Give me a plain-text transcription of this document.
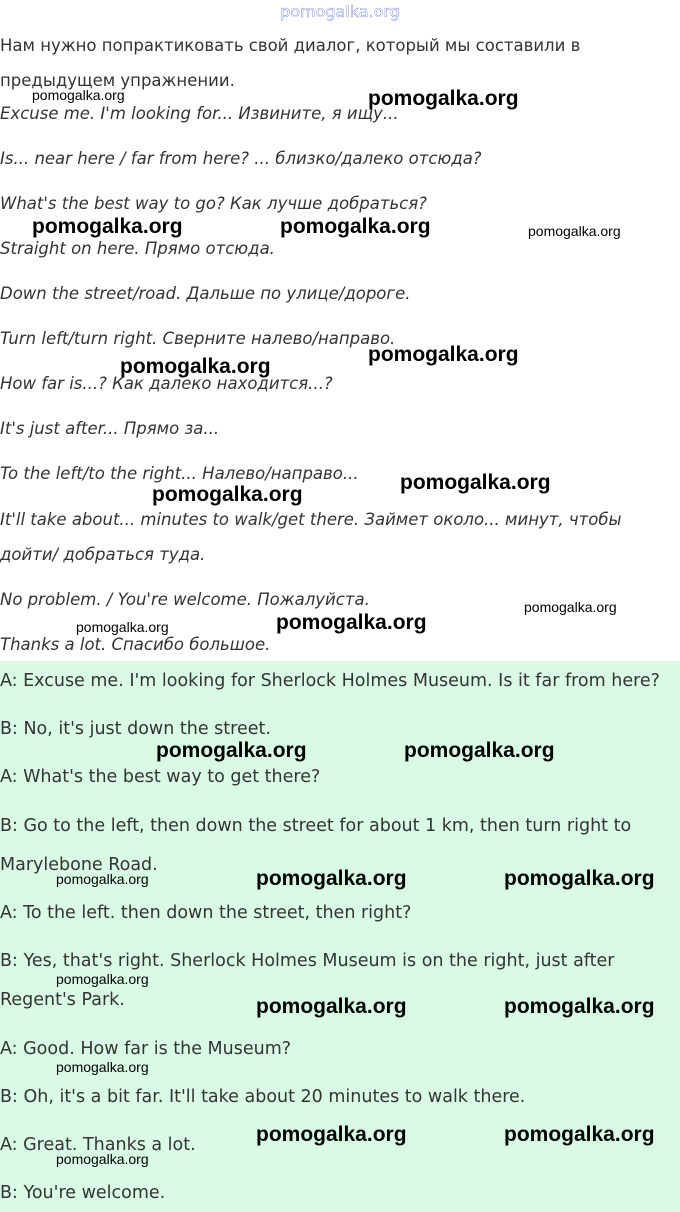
pomogalka.org
Нам нужно попрактиковать свой диалог, который мы составили в предыдущем упражнении.
Excuse me. I'm looking for... Извините, я ищу...
Is... near here / far from here? ... близко/далеко отсюда?
What's the best way to go? Как лучше добраться?
Straight on here. Прямо отсюда.
Down the street/road. Дальше по улице/дороге.
Turn left/turn right. Сверните налево/направо.
How far is...? Как далеко находится...?
It's just after... Прямо за...
To the left/to the right... Налево/направо...
It'll take about... minutes to walk/get there. Займет около... минут, чтобы дойти/ добраться туда.
No problem. / You're welcome. Пожалуйста.
Thanks a lot. Спасибо большое.
A: Excuse me. I'm looking for Sherlock Holmes Museum. Is it far from here?
B: No, it's just down the street.
A: What's the best way to get there?
B: Go to the left, then down the street for about 1 km, then turn right to Marylebone Road.
A: To the left. then down the street, then right?
B: Yes, that's right. Sherlock Holmes Museum is on the right, just after Regent's Park.
A: Good. How far is the Museum?
B: Oh, it's a bit far. It'll take about 20 minutes to walk there.
A: Great. Thanks a lot.
B: You're welcome.
pomogalka.org	pomogalka.org
pomogalka.org	pomogalka.org	pomogalka.org
pomogalka.org
pomogalka.org
pomogalka.org
pomogalka.org
pomogalka.org
pomogalka.org
pomogalka.org
pomogalka.org	pomogalka.org
pomogalka.org	pomogalka.org	pomogalka.org
pomogalka.org
pomogalka.org	pomogalka.org
pomogalka.org
pomogalka.org	pomogalka.org
pomogalka.org
